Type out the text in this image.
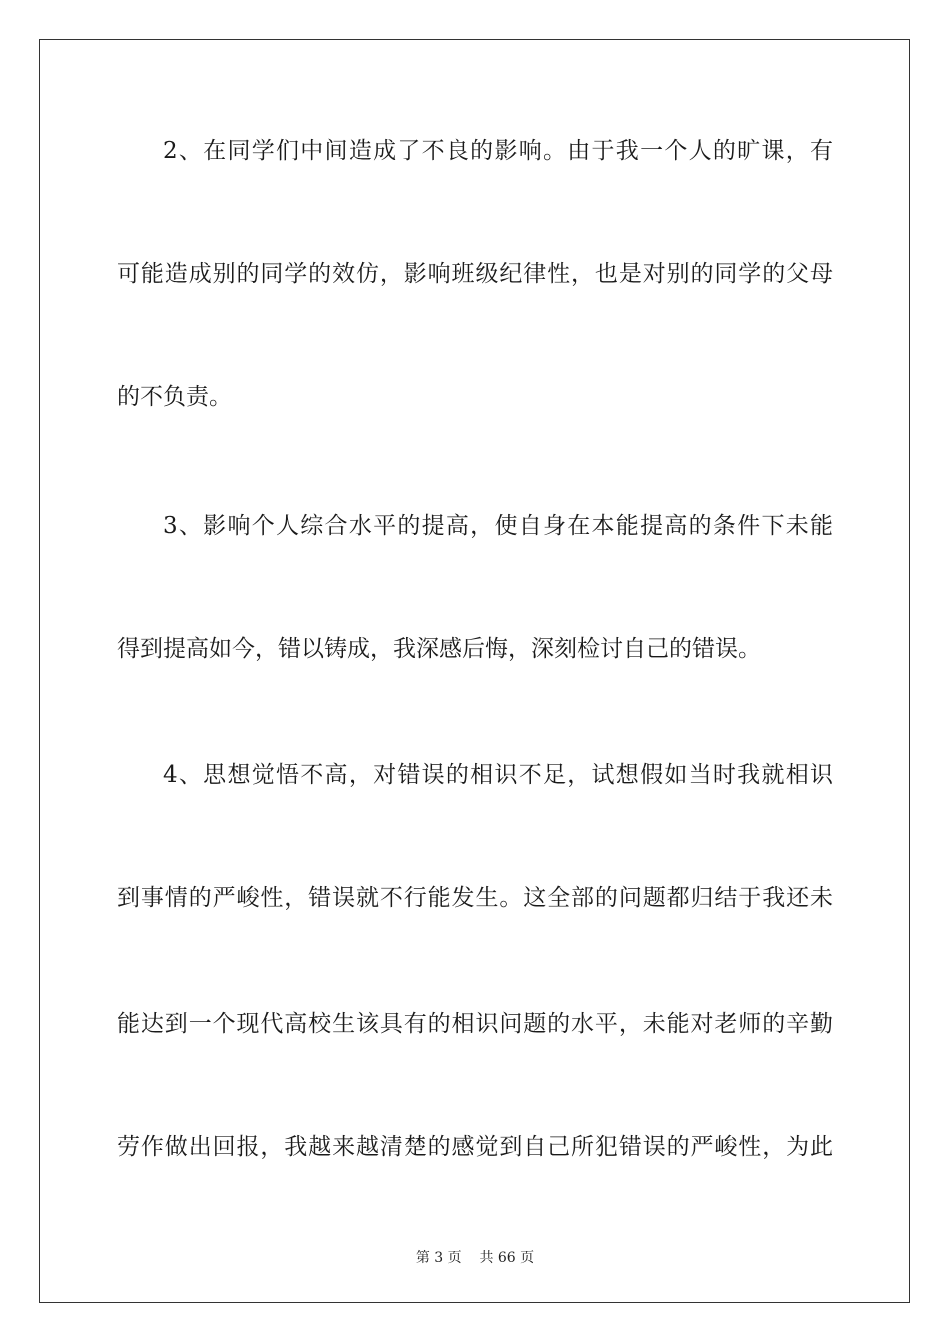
2、在同学们中间造成了不良的影响。由于我一个人的旷课，有
可能造成别的同学的效仿，影响班级纪律性，也是对别的同学的父母
的不负责。
3、影响个人综合水平的提高，使自身在本能提高的条件下未能
得到提高如今，错以铸成，我深感后悔，深刻检讨自己的错误。
4、思想觉悟不高，对错误的相识不足，试想假如当时我就相识
到事情的严峻性，错误就不行能发生。这全部的问题都归结于我还未
能达到一个现代高校生该具有的相识问题的水平，未能对老师的辛勤
劳作做出回报，我越来越清楚的感觉到自己所犯错误的严峻性，为此
第 3 页 共 66 页
